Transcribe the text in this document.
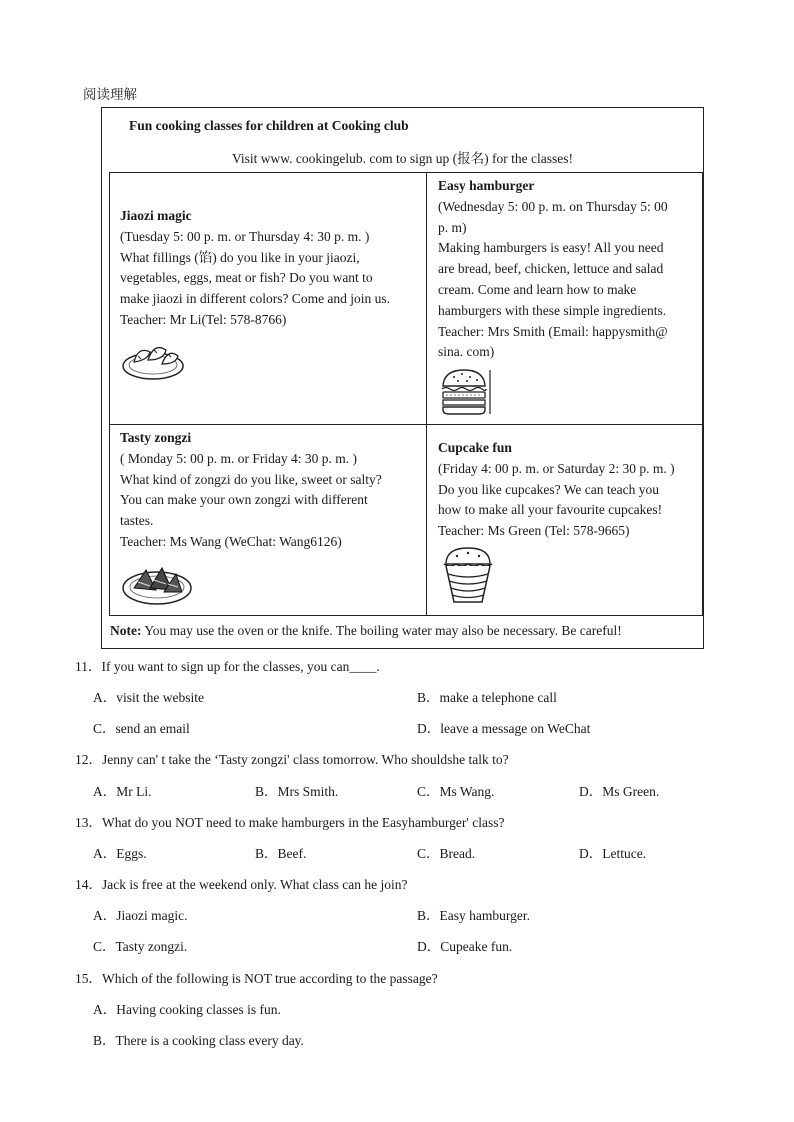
阅读理解
Fun cooking classes for children at Cooking club
Visit www. cookingelub. com to sign up (报名) for the classes!

Jiaozi magic

(Tuesday 5: 00 p. m. or Thursday 4: 30 p. m. )

What fillings (馅) do you like in your jiaozi,

vegetables, eggs, meat or fish? Do you want to

make jiaozi in different colors? Come and join us.

Teacher: Mr Li(Tel: 578-8766)

Easy hamburger

(Wednesday 5: 00 p. m. on Thursday 5: 00

p. m)

Making hamburgers is easy! All you need

are bread, beef, chicken, lettuce and salad

cream. Come and learn how to make

hamburgers with these simple ingredients.

Teacher: Mrs Smith (Email: happysmith@

sina. com)

Tasty zongzi

( Monday 5: 00 p. m. or Friday 4: 30 p. m. )

What kind of zongzi do you like, sweet or salty?

You can make your own zongzi with different

tastes.

Teacher: Ms Wang (WeChat: Wang6126)

Cupcake fun

(Friday 4: 00 p. m. or Saturday 2: 30 p. m. )

Do you like cupcakes? We can teach you

how to make all your favourite cupcakes!

Teacher: Ms Green (Tel: 578-9665)

Note: You may use the oven or the knife. The boiling water may also be necessary. Be careful!
11．If you want to sign up for the classes, you can____.
A．visit the website	B．make a telephone call
C．send an email	D．leave a message on WeChat
12．Jenny can' t take the ‘Tasty zongzi' class tomorrow. Who shouldshe talk to?
A．Mr Li.	B．Mrs Smith.	C．Ms Wang.	D．Ms Green.
13．What do you NOT need to make hamburgers in the Easyhamburger' class?
A．Eggs.	B．Beef.	C．Bread.	D．Lettuce.
14．Jack is free at the weekend only. What class can he join?
A．Jiaozi magic.	B．Easy hamburger.
C．Tasty zongzi.	D．Cupeake fun.
15．Which of the following is NOT true according to the passage?
A．Having cooking classes is fun.
B．There is a cooking class every day.
